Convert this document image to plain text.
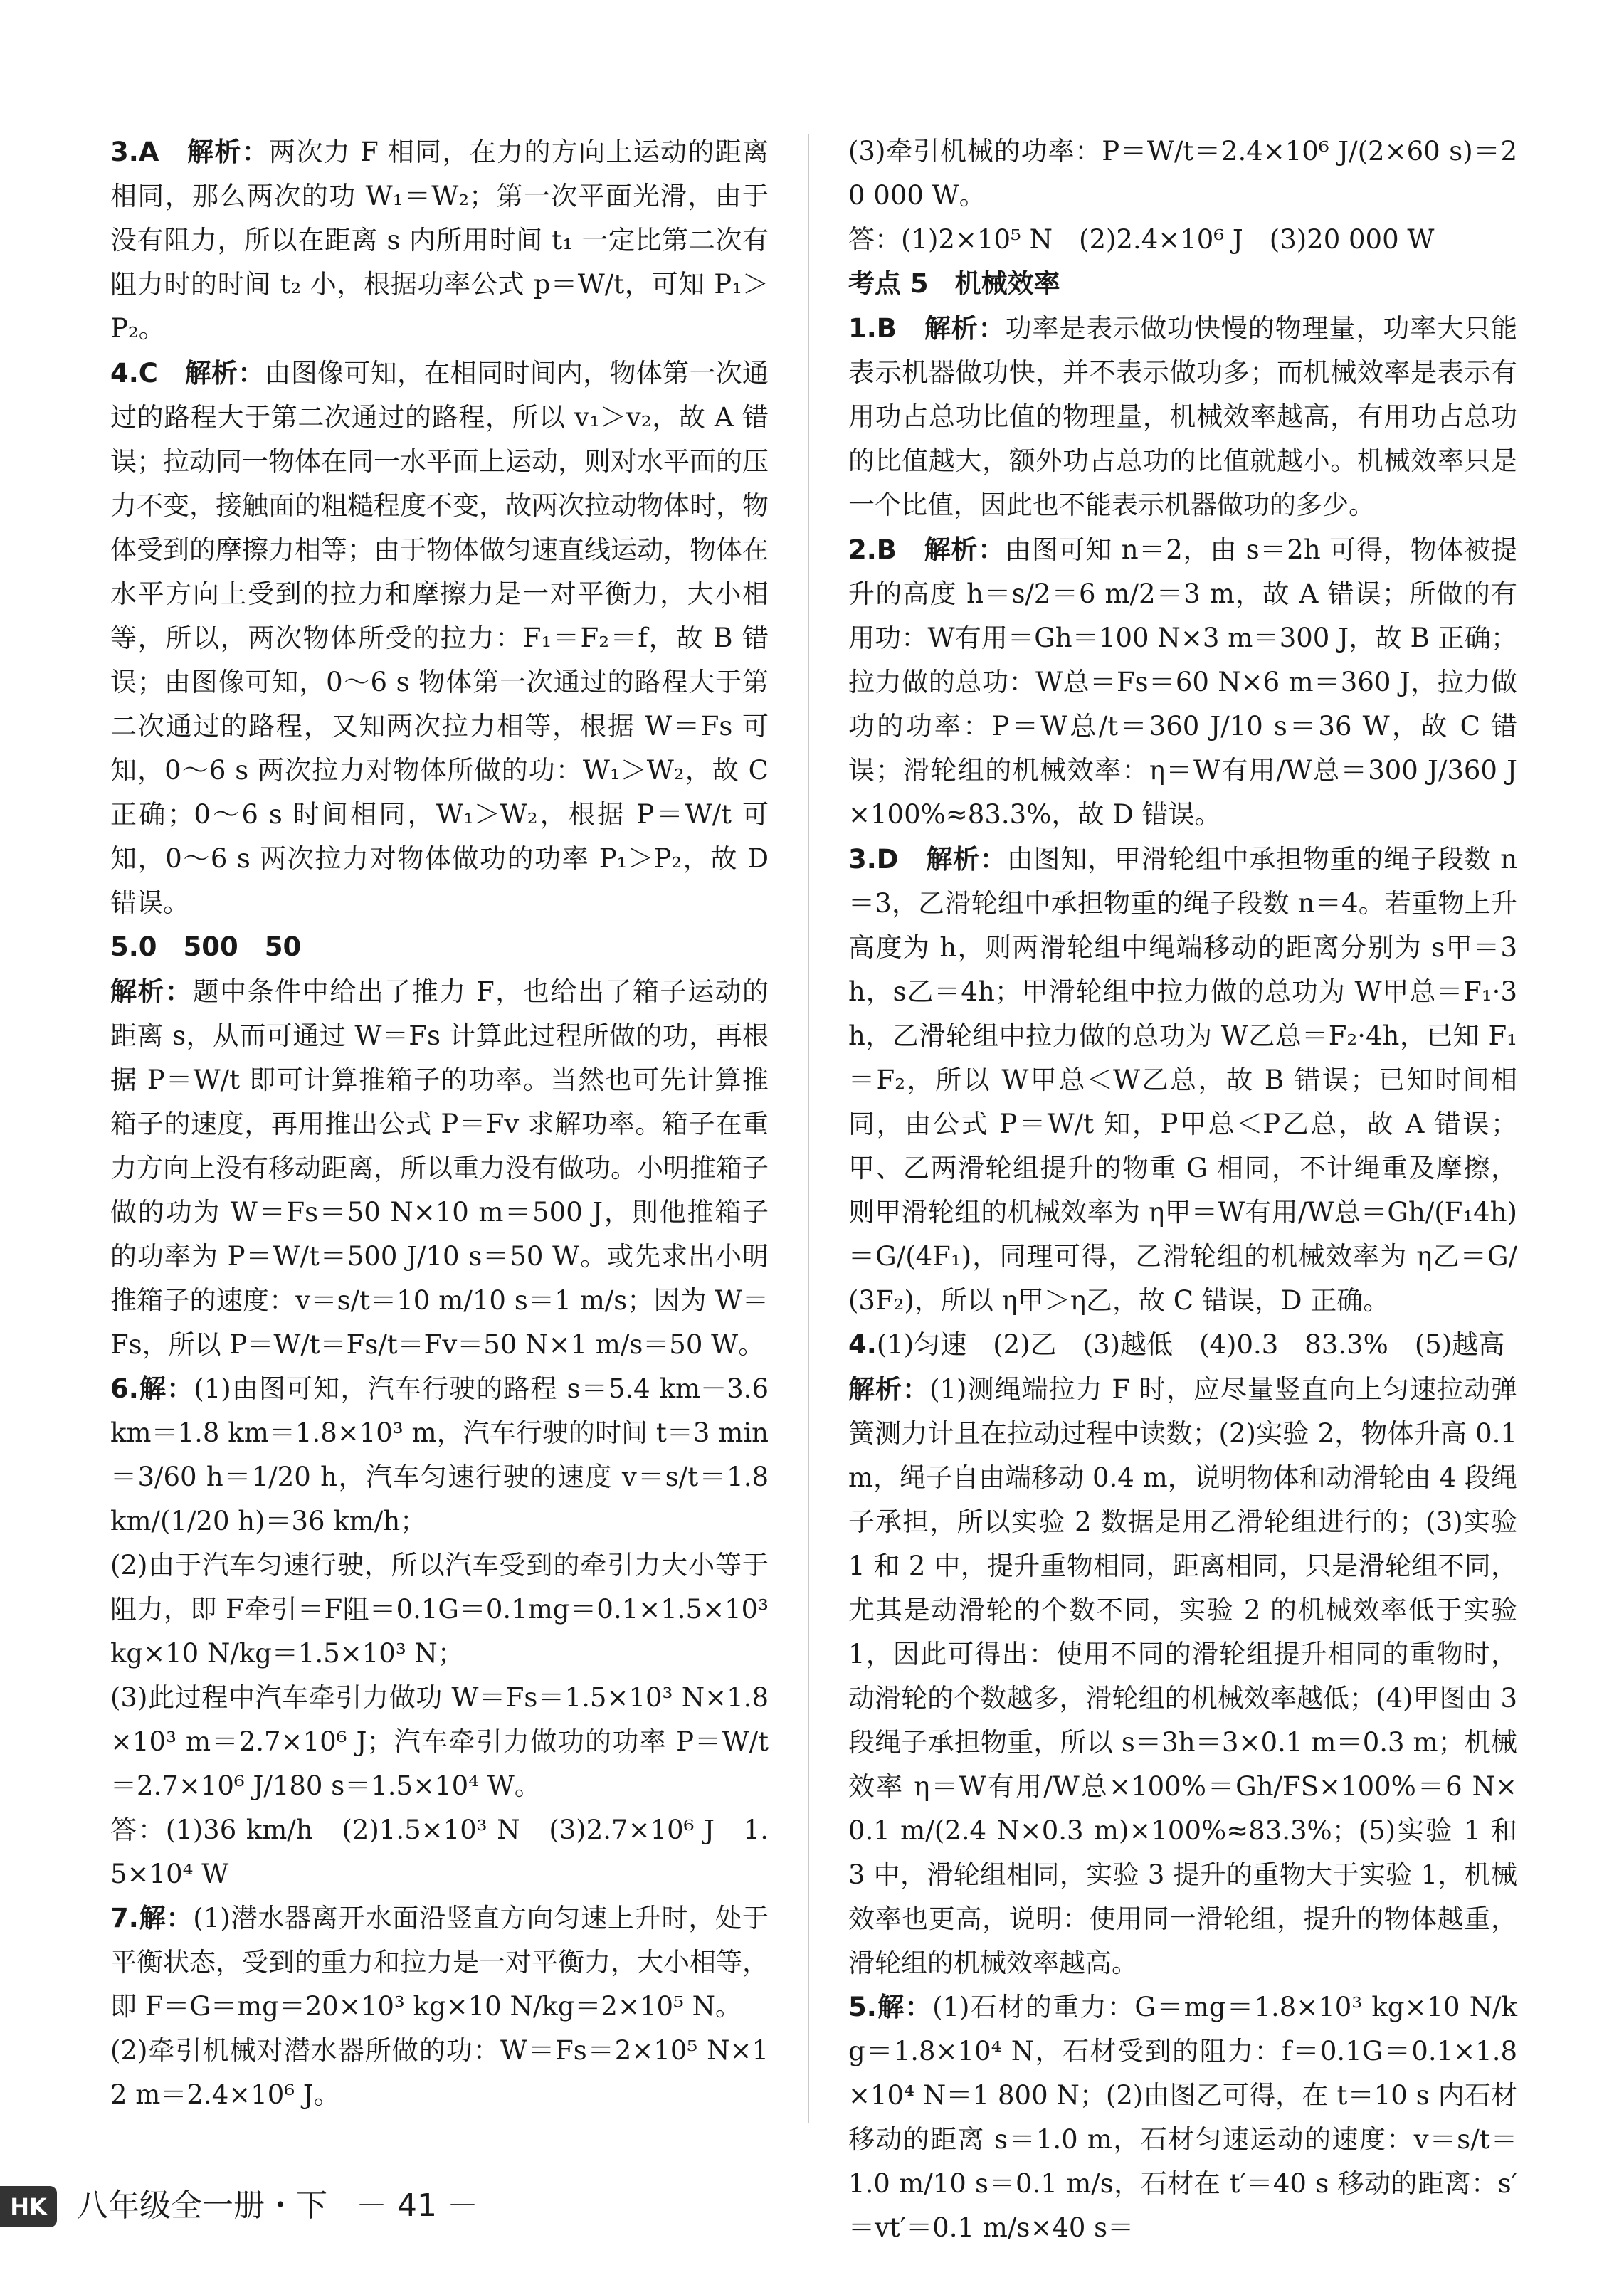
3.A　 解析：两次力 F 相同，在力的方向上运动的距离相同，那么两次的功 W₁＝W₂；第一次平面光滑，由于没有阻力，所以在距离 s 内所用时间 t₁ 一定比第二次有阻力时的时间 t₂ 小，根据功率公式 p＝W/t，可知 P₁＞P₂。

4.C　 解析：由图像可知，在相同时间内，物体第一次通过的路程大于第二次通过的路程，所以 v₁＞v₂，故 A 错误；拉动同一物体在同一水平面上运动，则对水平面的压力不变，接触面的粗糙程度不变，故两次拉动物体时，物体受到的摩擦力相等；由于物体做匀速直线运动，物体在水平方向上受到的拉力和摩擦力是一对平衡力，大小相等，所以，两次物体所受的拉力：F₁＝F₂＝f，故 B 错误；由图像可知，0～6 s 物体第一次通过的路程大于第二次通过的路程，又知两次拉力相等，根据 W＝Fs 可知，0～6 s 两次拉力对物体所做的功：W₁＞W₂，故 C 正确；0～6 s 时间相同，W₁＞W₂，根据 P＝W/t 可知，0～6 s 两次拉力对物体做功的功率 P₁＞P₂，故 D 错误。

5.0　500　50

解析：题中条件中给出了推力 F，也给出了箱子运动的距离 s，从而可通过 W＝Fs 计算此过程所做的功，再根据 P＝W/t 即可计算推箱子的功率。当然也可先计算推箱子的速度，再用推出公式 P＝Fv 求解功率。箱子在重力方向上没有移动距离，所以重力没有做功。小明推箱子做的功为 W＝Fs＝50 N×10 m＝500 J，則他推箱子的功率为 P＝W/t＝500 J/10 s＝50 W。或先求出小明推箱子的速度：v＝s/t＝10 m/10 s＝1 m/s；因为 W＝Fs，所以 P＝W/t＝Fs/t＝Fv＝50 N×1 m/s＝50 W。

6.解：(1)由图可知，汽车行驶的路程 s＝5.4 km－3.6 km＝1.8 km＝1.8×10³ m，汽车行驶的时间 t＝3 min＝3/60 h＝1/20 h，汽车匀速行驶的速度 v＝s/t＝1.8 km/(1/20 h)＝36 km/h；

(2)由于汽车匀速行驶，所以汽车受到的牵引力大小等于阻力，即 F牵引＝F阻＝0.1G＝0.1mg＝0.1×1.5×10³ kg×10 N/kg＝1.5×10³ N；

(3)此过程中汽车牵引力做功 W＝Fs＝1.5×10³ N×1.8×10³ m＝2.7×10⁶ J；汽车牵引力做功的功率 P＝W/t＝2.7×10⁶ J/180 s＝1.5×10⁴ W。

答：(1)36 km/h　(2)1.5×10³ N　(3)2.7×10⁶ J　1.5×10⁴ W

7.解：(1)潜水器离开水面沿竖直方向匀速上升时，处于平衡状态，受到的重力和拉力是一对平衡力，大小相等，即 F＝G＝mg＝20×10³ kg×10 N/kg＝2×10⁵ N。

(2)牵引机械对潜水器所做的功：W＝Fs＝2×10⁵ N×12 m＝2.4×10⁶ J。

(3)牵引机械的功率：P＝W/t＝2.4×10⁶ J/(2×60 s)＝20 000 W。

答：(1)2×10⁵ N　(2)2.4×10⁶ J　(3)20 000 W

考点 5　机械效率

1.B　 解析：功率是表示做功快慢的物理量，功率大只能表示机器做功快，并不表示做功多；而机械效率是表示有用功占总功比值的物理量，机械效率越高，有用功占总功的比值越大，额外功占总功的比值就越小。机械效率只是一个比值，因此也不能表示机器做功的多少。

2.B　 解析：由图可知 n＝2，由 s＝2h 可得，物体被提升的高度 h＝s/2＝6 m/2＝3 m，故 A 错误；所做的有用功：W有用＝Gh＝100 N×3 m＝300 J，故 B 正确；拉力做的总功：W总＝Fs＝60 N×6 m＝360 J，拉力做功的功率：P＝W总/t＝360 J/10 s＝36 W，故 C 错误；滑轮组的机械效率：η＝W有用/W总＝300 J/360 J×100%≈83.3%，故 D 错误。

3.D　 解析：由图知，甲滑轮组中承担物重的绳子段数 n＝3，乙滑轮组中承担物重的绳子段数 n＝4。若重物上升高度为 h，则两滑轮组中绳端移动的距离分别为 s甲＝3h，s乙＝4h；甲滑轮组中拉力做的总功为 W甲总＝F₁·3h，乙滑轮组中拉力做的总功为 W乙总＝F₂·4h，已知 F₁＝F₂，所以 W甲总＜W乙总，故 B 错误；已知时间相同，由公式 P＝W/t 知，P甲总＜P乙总，故 A 错误；甲、乙两滑轮组提升的物重 G 相同，不计绳重及摩擦，则甲滑轮组的机械效率为 η甲＝W有用/W总＝Gh/(F₁4h)＝G/(4F₁)，同理可得，乙滑轮组的机械效率为 η乙＝G/(3F₂)，所以 η甲＞η乙，故 C 错误，D 正确。

4.(1)匀速　(2)乙　(3)越低　(4)0.3　83.3%　(5)越高

解析：(1)测绳端拉力 F 时，应尽量竖直向上匀速拉动弹簧测力计且在拉动过程中读数；(2)实验 2，物体升高 0.1 m，绳子自由端移动 0.4 m，说明物体和动滑轮由 4 段绳子承担，所以实验 2 数据是用乙滑轮组进行的；(3)实验 1 和 2 中，提升重物相同，距离相同，只是滑轮组不同，尤其是动滑轮的个数不同，实验 2 的机械效率低于实验 1，因此可得出：使用不同的滑轮组提升相同的重物时，动滑轮的个数越多，滑轮组的机械效率越低；(4)甲图由 3 段绳子承担物重，所以 s＝3h＝3×0.1 m＝0.3 m；机械效率 η＝W有用/W总×100%＝Gh/FS×100%＝6 N×0.1 m/(2.4 N×0.3 m)×100%≈83.3%；(5)实验 1 和 3 中，滑轮组相同，实验 3 提升的重物大于实验 1，机械效率也更高，说明：使用同一滑轮组，提升的物体越重，滑轮组的机械效率越高。

5.解：(1)石材的重力：G＝mg＝1.8×10³ kg×10 N/kg＝1.8×10⁴ N，石材受到的阻力：f＝0.1G＝0.1×1.8×10⁴ N＝1 800 N；(2)由图乙可得，在 t＝10 s 内石材移动的距离 s＝1.0 m，石材匀速运动的速度：v＝s/t＝1.0 m/10 s＝0.1 m/s，石材在 t′＝40 s 移动的距离：s′＝vt′＝0.1 m/s×40 s＝

HK 八年级全一册・下 － 41 －
